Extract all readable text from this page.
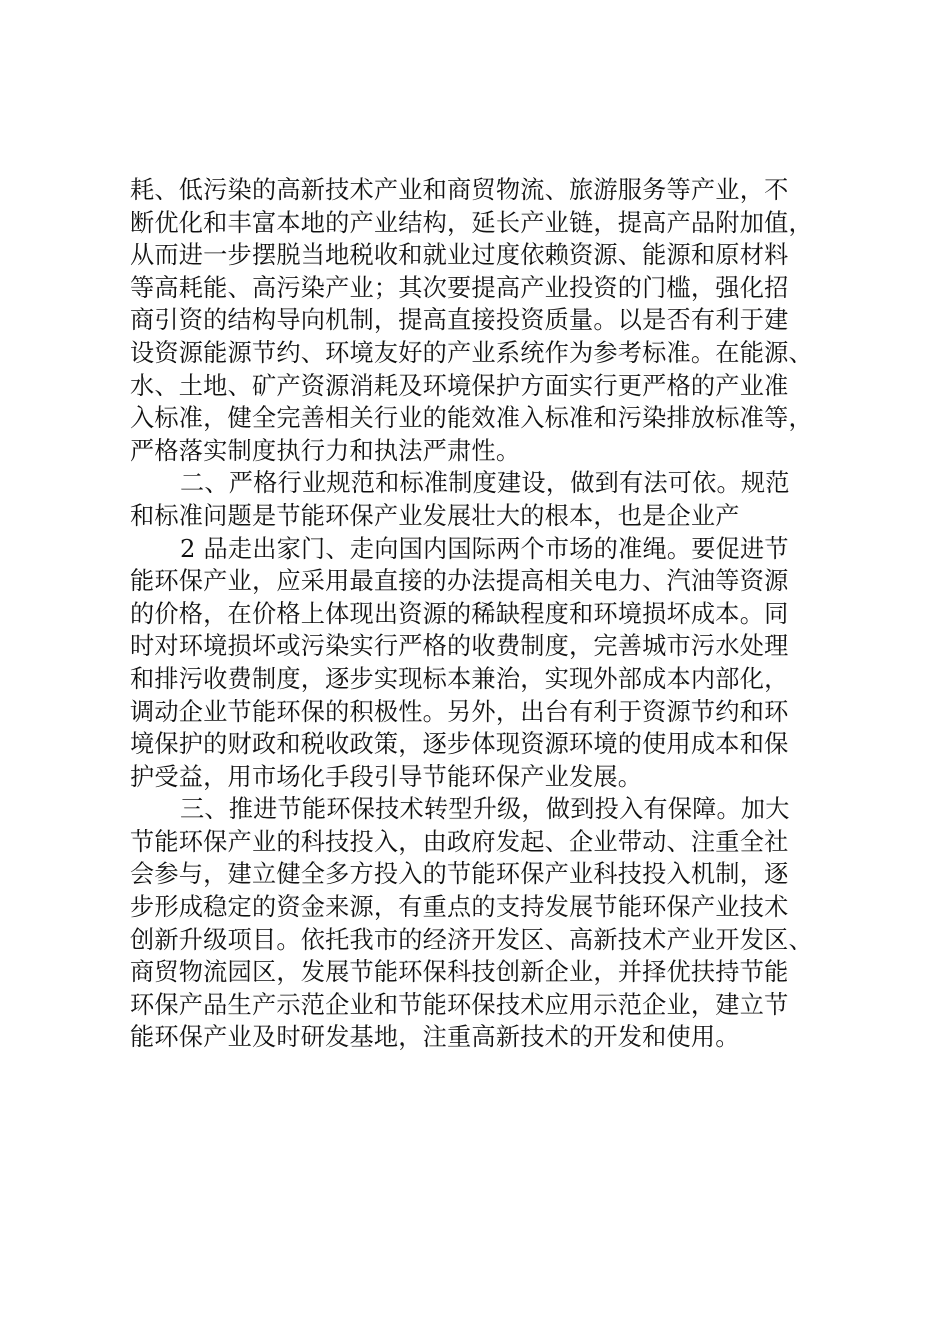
耗、低污染的高新技术产业和商贸物流、旅游服务等产业，不
断优化和丰富本地的产业结构，延长产业链，提高产品附加值，
从而进一步摆脱当地税收和就业过度依赖资源、能源和原材料
等高耗能、高污染产业；其次要提高产业投资的门槛，强化招
商引资的结构导向机制，提高直接投资质量。以是否有利于建
设资源能源节约、环境友好的产业系统作为参考标准。在能源、
水、土地、矿产资源消耗及环境保护方面实行更严格的产业准
入标准，健全完善相关行业的能效准入标准和污染排放标准等，
严格落实制度执行力和执法严肃性。
二、严格行业规范和标准制度建设，做到有法可依。规范
和标准问题是节能环保产业发展壮大的根本，也是企业产
2 品走出家门、走向国内国际两个市场的准绳。要促进节
能环保产业，应采用最直接的办法提高相关电力、汽油等资源
的价格，在价格上体现出资源的稀缺程度和环境损坏成本。同
时对环境损坏或污染实行严格的收费制度，完善城市污水处理
和排污收费制度，逐步实现标本兼治，实现外部成本内部化，
调动企业节能环保的积极性。另外，出台有利于资源节约和环
境保护的财政和税收政策，逐步体现资源环境的使用成本和保
护受益，用市场化手段引导节能环保产业发展。
三、推进节能环保技术转型升级，做到投入有保障。加大
节能环保产业的科技投入，由政府发起、企业带动、注重全社
会参与，建立健全多方投入的节能环保产业科技投入机制，逐
步形成稳定的资金来源，有重点的支持发展节能环保产业技术
创新升级项目。依托我市的经济开发区、高新技术产业开发区、
商贸物流园区，发展节能环保科技创新企业，并择优扶持节能
环保产品生产示范企业和节能环保技术应用示范企业，建立节
能环保产业及时研发基地，注重高新技术的开发和使用。
